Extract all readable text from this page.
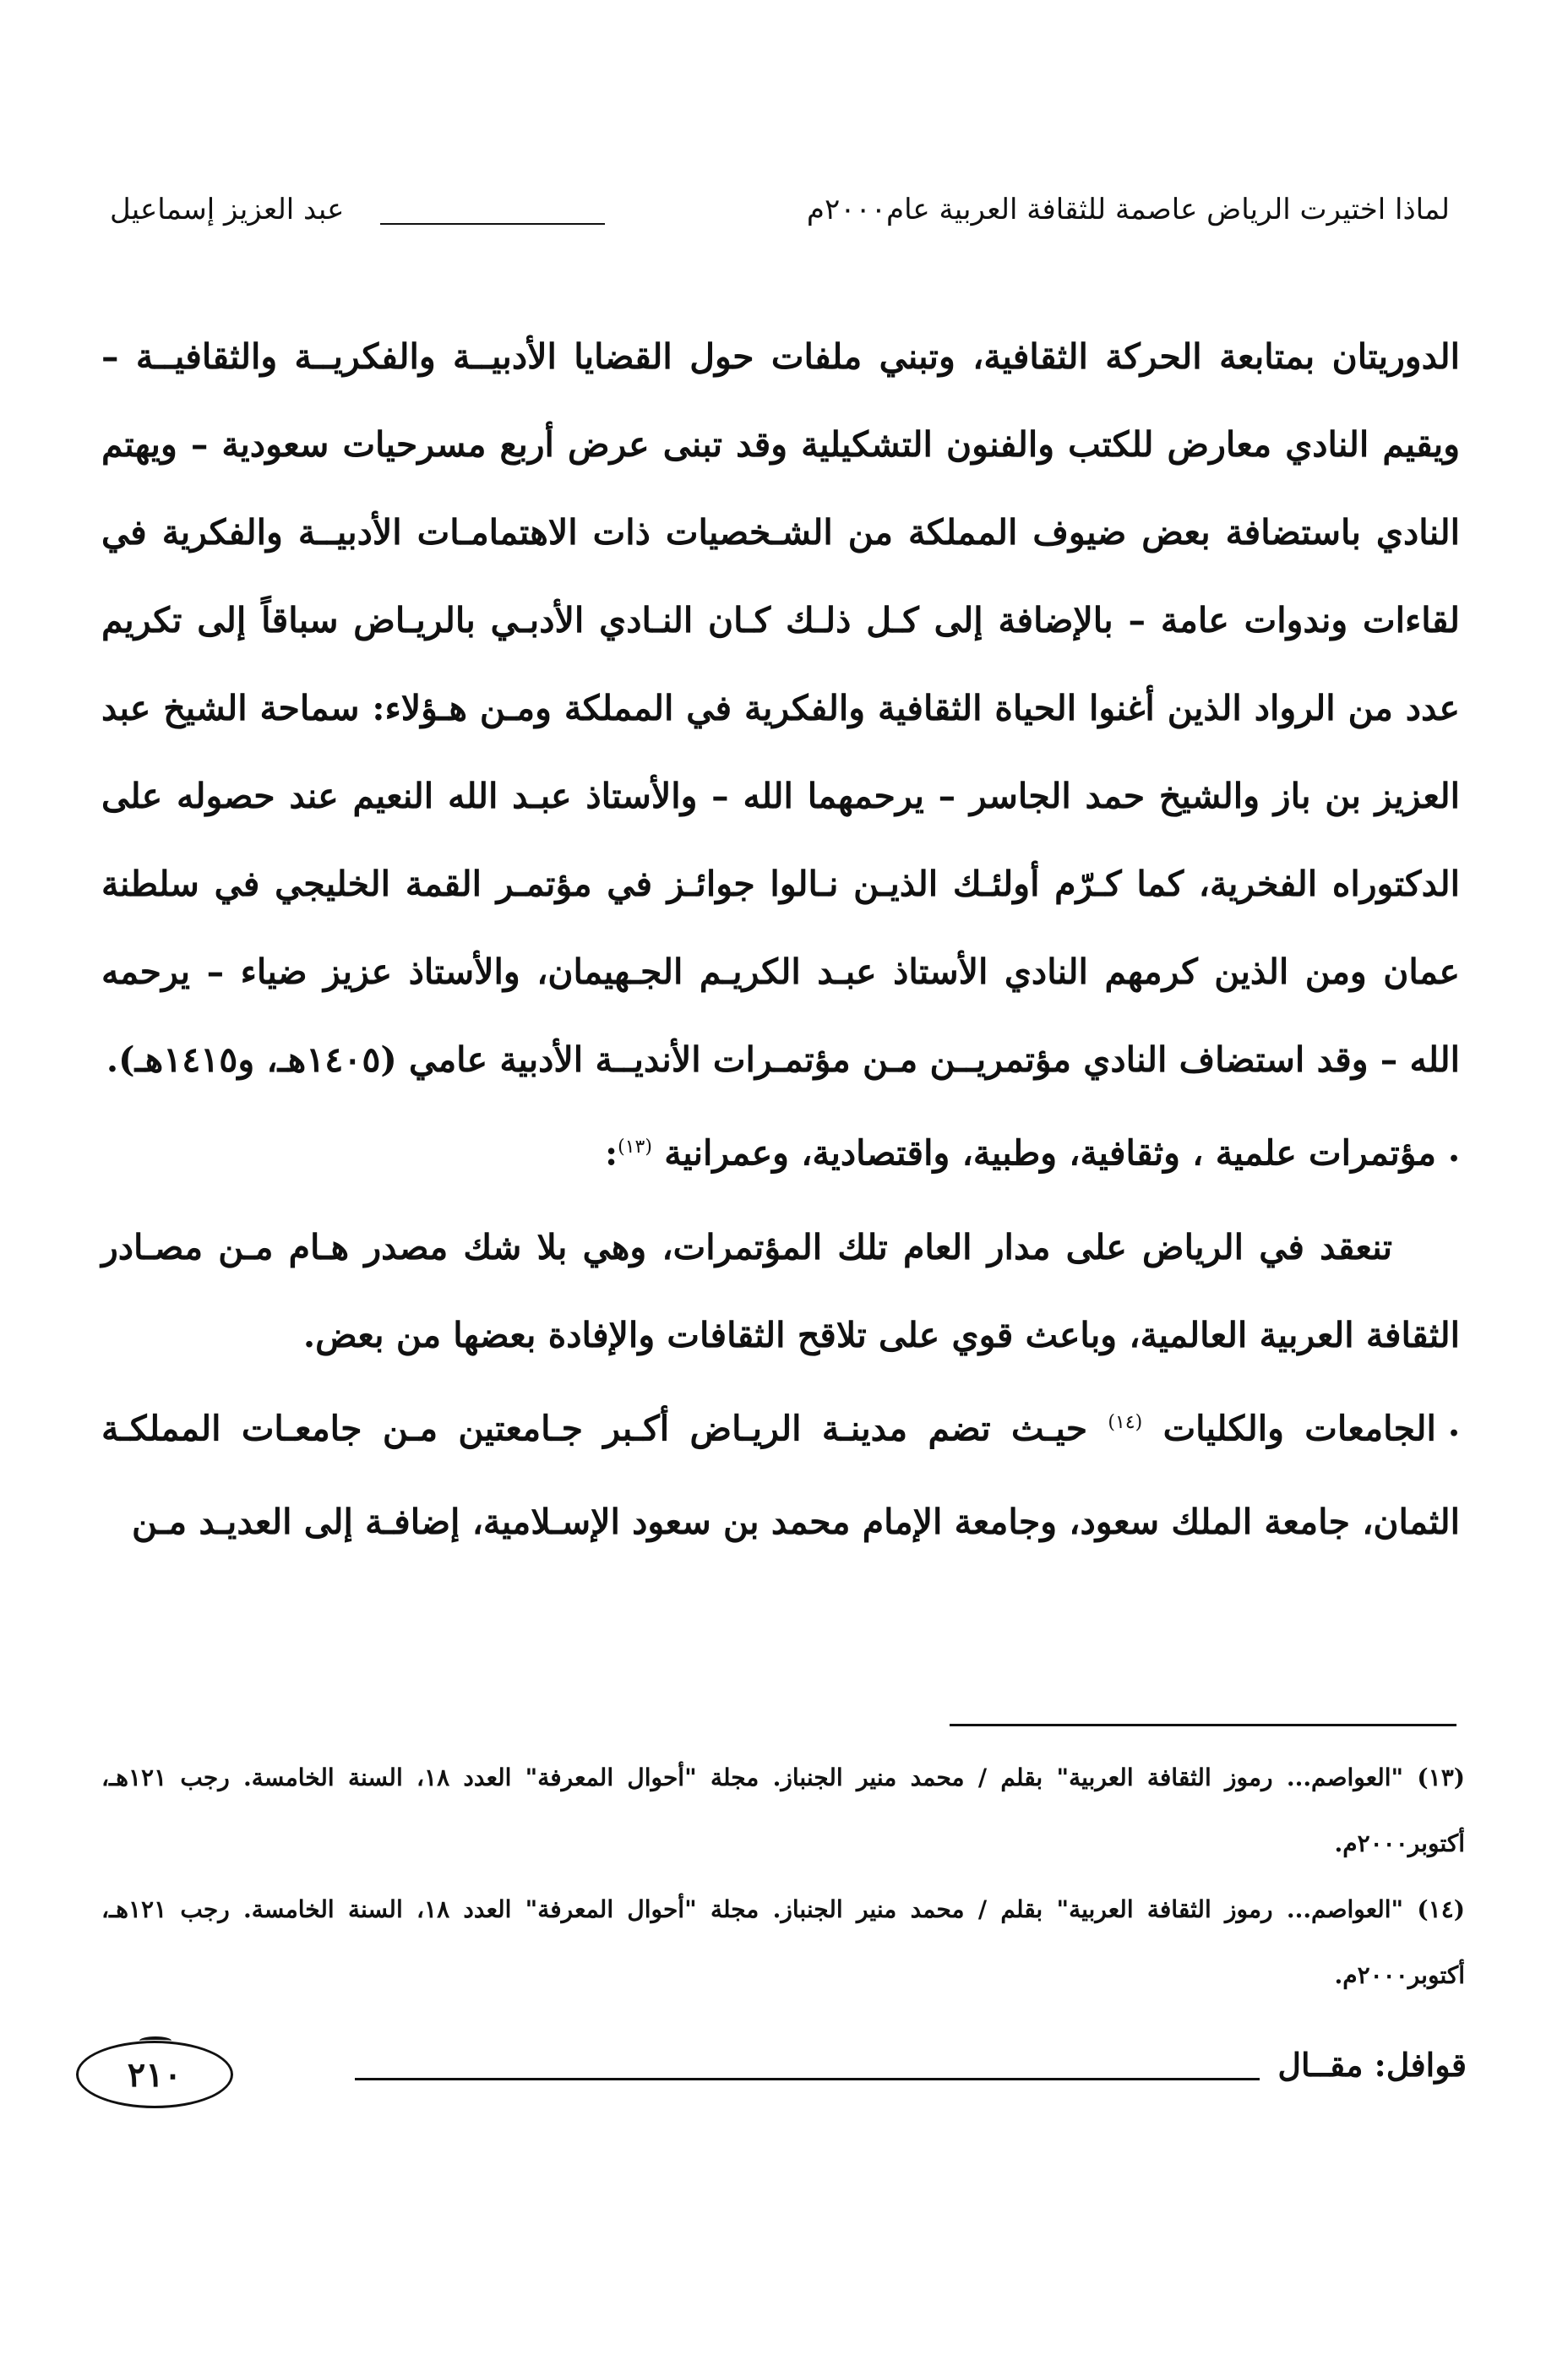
لماذا اختيرت الرياض عاصمة للثقافة العربية عام٢٠٠٠م
عبد العزيز إسماعيل

الدوريتان بمتابعة الحركة الثقافية، وتبني ملفات حول القضايا الأدبيــة والفكريــة والثقافيــة – ويقيم النادي معارض للكتب والفنون التشكيلية وقد تبنى عرض أربع مسرحيات سعودية – ويهتم النادي باستضافة بعض ضيوف المملكة من الشـخصيات ذات الاهتمامـات الأدبيــة والفكرية في لقاءات وندوات عامة – بالإضافة إلى كـل ذلـك كـان النـادي الأدبـي بالريـاض سباقاً إلى تكريم عدد من الرواد الذين أغنوا الحياة الثقافية والفكرية في المملكة ومـن هـؤلاء: سماحة الشيخ عبد العزيز بن باز والشيخ حمد الجاسر – يرحمهما الله – والأستاذ عبـد الله النعيم عند حصوله على الدكتوراه الفخرية، كما كـرّم أولئـك الذيـن نـالوا جوائـز في مؤتمـر القمة الخليجي في سلطنة عمان ومن الذين كرمهم النادي الأستاذ عبـد الكريـم الجـهيمان، والأستاذ عزيز ضياء – يرحمه الله – وقد استضاف النادي مؤتمريــن مـن مؤتمـرات الأنديــة الأدبية عامي (١٤٠٥هـ، و١٤١٥هـ).

• مؤتمرات علمية ، وثقافية، وطبية، واقتصادية، وعمرانية $^{(١٣)}$:

تنعقد في الرياض على مدار العام تلك المؤتمرات، وهي بلا شك مصدر هـام مـن مصـادر الثقافة العربية العالمية، وباعث قوي على تلاقح الثقافات والإفادة بعضها من بعض.

• الجامعات والكليات $^{(١٤)}$ حيـث تضم مدينـة الريـاض أكـبر جـامعتين مـن جامعـات المملكـة الثمان، جامعة الملك سعود، وجامعة الإمام محمد بن سعود الإسـلامية، إضافـة إلى العديـد مـن

(١٣) "العواصم... رموز الثقافة العربية" بقلم / محمد منير الجنباز. مجلة "أحوال المعرفة" العدد ١٨، السنة الخامسة. رجب ١٢١هـ، أكتوبر٢٠٠٠م.

(١٤) "العواصم... رموز الثقافة العربية" بقلم / محمد منير الجنباز. مجلة "أحوال المعرفة" العدد ١٨، السنة الخامسة. رجب ١٢١هـ، أكتوبر٢٠٠٠م.

قوافل: مقــال
٢١٠
